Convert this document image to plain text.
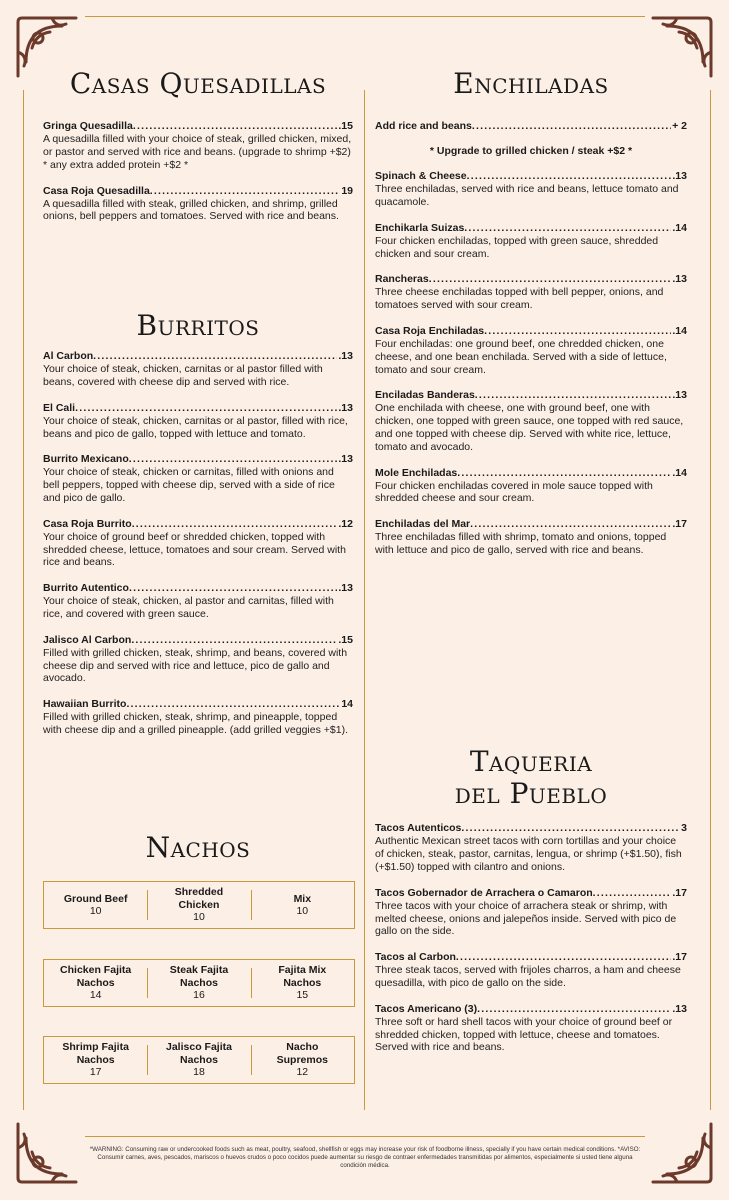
Casas Quesadillas
Gringa Quesadilla .....	.15
A quesadilla filled with your choice of steak, grilled chicken, mixed, or pastor and served with rice and beans. (upgrade to shrimp +$2) * any extra added protein +$2 *
Casa Roja Quesadilla .....	19
A quesadilla filled with steak, grilled chicken, and shrimp, grilled onions, bell peppers and tomatoes. Served with rice and beans.
Burritos
Al Carbon .....	.13
Your choice of steak, chicken, carnitas or al pastor filled with beans, covered with cheese dip and served with rice.
El Cali .....	.13
Your choice of steak, chicken, carnitas or al pastor, filled with rice, beans and pico de gallo, topped with lettuce and tomato.
Burrito Mexicano .....	.13
Your choice of steak, chicken or carnitas, filled with onions and bell peppers, topped with cheese dip, served with a side of rice and pico de gallo.
Casa Roja Burrito .....	.12
Your choice of ground beef or shredded chicken, topped with shredded cheese, lettuce, tomatoes and sour cream. Served with rice and beans.
Burrito Autentico .....	.13
Your choice of steak, chicken, al pastor and carnitas, filled with rice, and covered with green sauce.
Jalisco Al Carbon .....	.15
Filled with grilled chicken, steak, shrimp, and beans, covered with cheese dip and served with rice and lettuce, pico de gallo and avocado.
Hawaiian Burrito .....	14
Filled with grilled chicken, steak, shrimp, and pineapple, topped with cheese dip and a grilled pineapple. (add grilled veggies +$1).
Nachos
Ground Beef
10
Shredded Chicken
10
Mix
10
Chicken Fajita Nachos
14
Steak Fajita Nachos
16
Fajita Mix Nachos
15
Shrimp Fajita Nachos
17
Jalisco Fajita Nachos
18
Nacho Supremos
12
Enchiladas
Add rice and beans .....	+ 2
* Upgrade to grilled chicken / steak +$2 *
Spinach & Cheese .....	.13
Three enchiladas, served with rice and beans, lettuce tomato and quacamole.
Enchikarla Suizas .....	.14
Four chicken enchiladas, topped with green sauce, shredded chicken and sour cream.
Rancheras .....	.13
Three cheese enchiladas topped with bell pepper, onions, and tomatoes served with sour cream.
Casa Roja Enchiladas .....	.14
Four enchiladas: one ground beef, one chredded chicken, one cheese, and one bean enchilada. Served with a side of lettuce, tomato and sour cream.
Enciladas Banderas .....	.13
One enchilada with cheese, one with ground beef, one with chicken, one topped with green sauce, one topped with red sauce, and one topped with cheese dip. Served with white rice, lettuce, tomato and avocado.
Mole Enchiladas .....	.14
Four chicken enchiladas covered in mole sauce topped with shredded cheese and sour cream.
Enchiladas del Mar .....	.17
Three enchiladas filled with shrimp, tomato and onions, topped with lettuce and pico de gallo, served with rice and beans.
Taqueria
del Pueblo
Tacos Autenticos .....	3
Authentic Mexican street tacos with corn tortillas and your choice of chicken, steak, pastor, carnitas, lengua, or shrimp (+$1.50), fish (+$1.50) topped with cilantro and onions.
Tacos Gobernador de Arrachera o Camaron .....	.17
Three tacos with your choice of arrachera steak or shrimp, with melted cheese, onions and jalepeños inside. Served with pico de gallo on the side.
Tacos al Carbon .....	.17
Three steak tacos, served with frijoles charros, a ham and cheese quesadilla, with pico de gallo on the side.
Tacos Americano (3) .....	.13
Three soft or hard shell tacos with your choice of ground beef or shredded chicken, topped with lettuce, cheese and tomatoes. Served with rice and beans.
*WARNING: Consuming raw or undercooked foods such as meat, poultry, seafood, shellfish or eggs may increase your risk of foodborne illness, specially if you have certain medical conditions. *AVISO: Consumir carnes, aves, pescados, mariscos o huevos crudos o poco cocidos puede aumentar su riesgo de contraer enfermedades transmitidas por alimentos, especialmente si usted tiene alguna condición médica.
